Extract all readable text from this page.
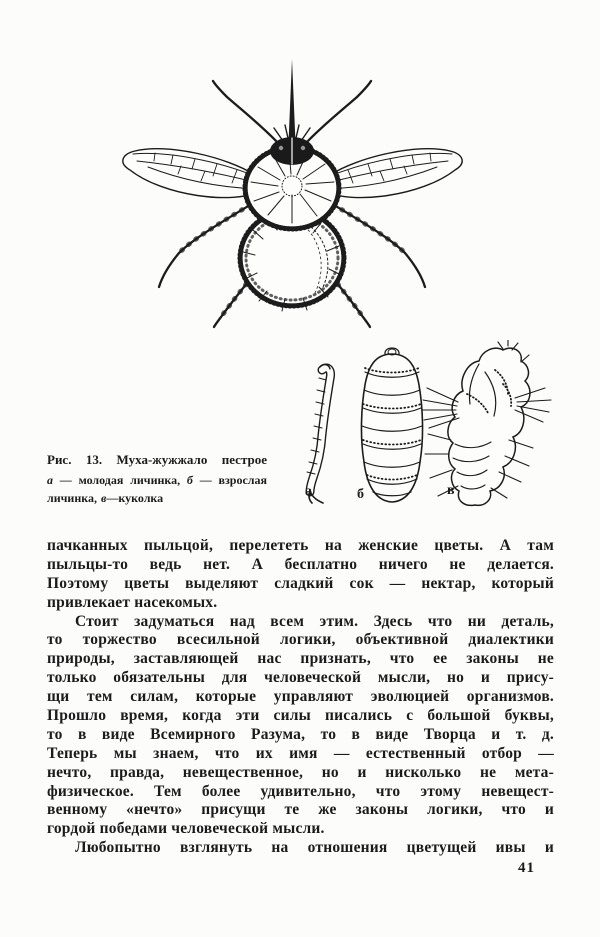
а	б	в
Рис. 13. Муха-жужжало пестрое
а — молодая личинка, б — взрослая
личинка, в—куколка
пачканных пыльцой, перелететь на женские цветы. А там
пыльцы-то ведь нет. А бесплатно ничего не делается.
Поэтому цветы выделяют сладкий сок — нектар, который
привлекает насекомых.
Стоит задуматься над всем этим. Здесь что ни деталь,
то торжество всесильной логики, объективной диалектики
природы, заставляющей нас признать, что ее законы не
только обязательны для человеческой мысли, но и прису-
щи тем силам, которые управляют эволюцией организмов.
Прошло время, когда эти силы писались с большой буквы,
то в виде Всемирного Разума, то в виде Творца и т. д.
Теперь мы знаем, что их имя — естественный отбор —
нечто, правда, невещественное, но и нисколько не мета-
физическое. Тем более удивительно, что этому невещест-
венному «нечто» присущи те же законы логики, что и
гордой победами человеческой мысли.
Любопытно взглянуть на отношения цветущей ивы и
41
